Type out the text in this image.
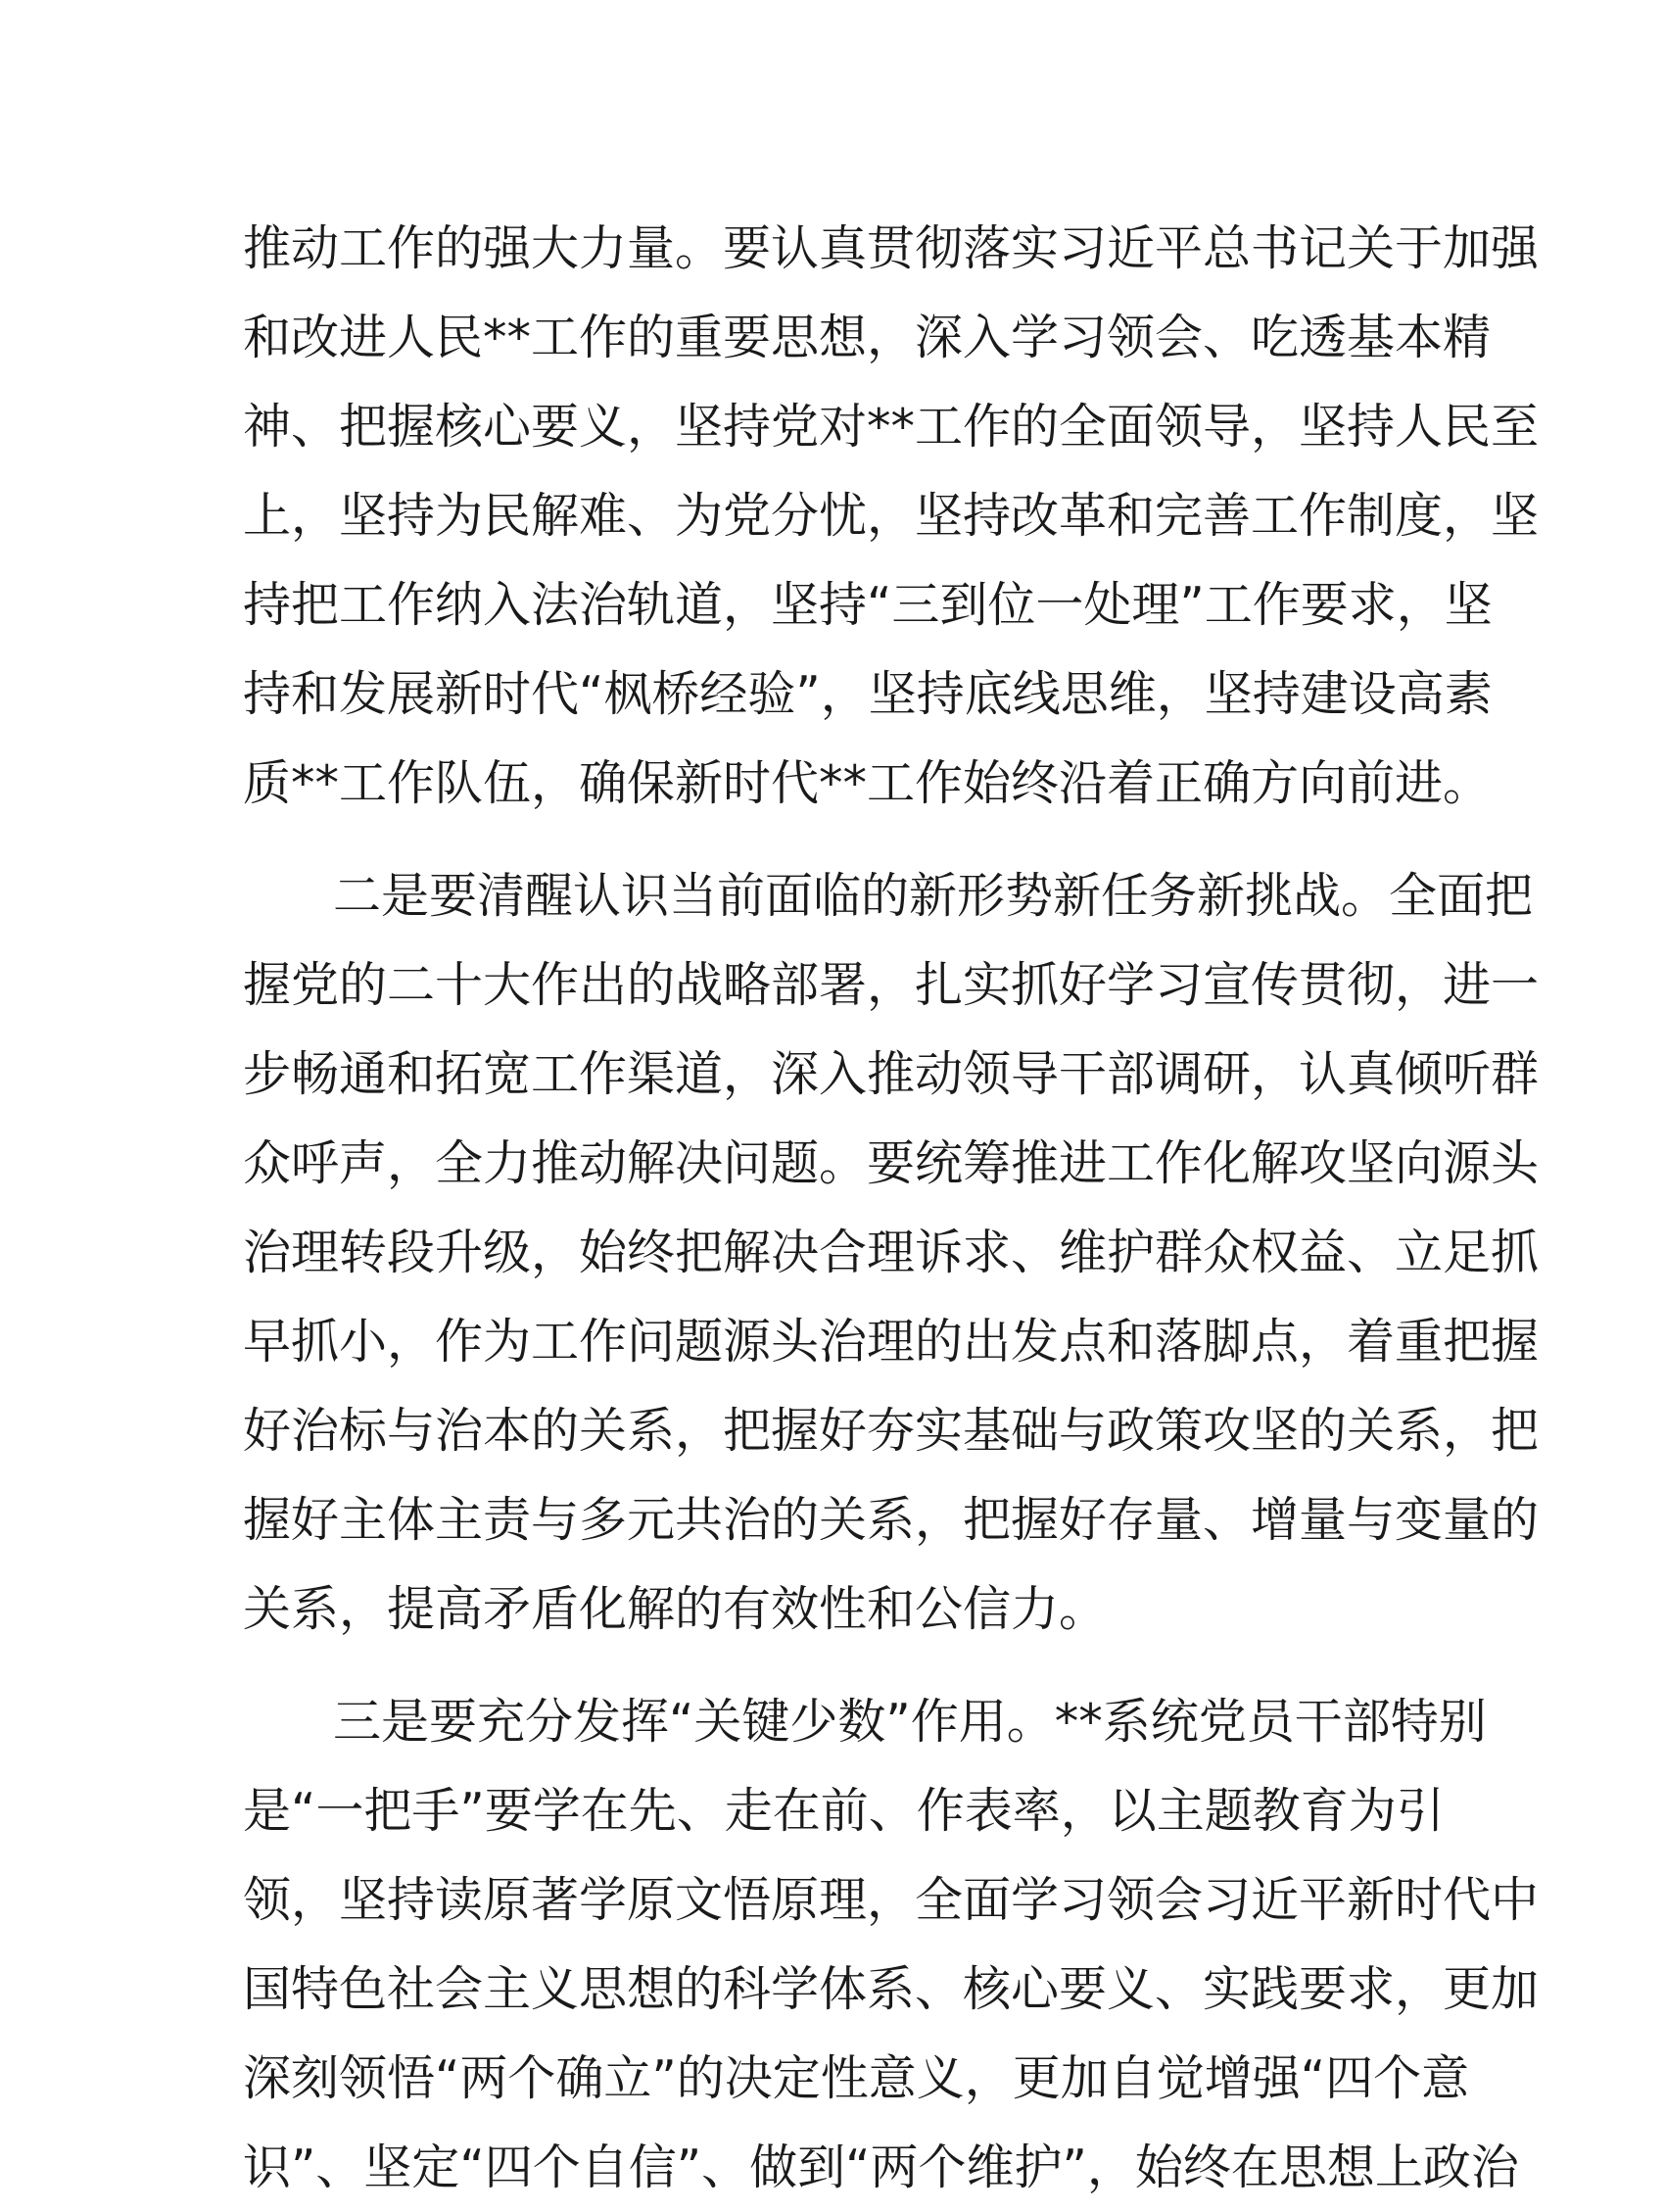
推动工作的强大力量。要认真贯彻落实习近平总书记关于加强
和改进人民**工作的重要思想，深入学习领会、吃透基本精
神、把握核心要义，坚持党对**工作的全面领导，坚持人民至
上，坚持为民解难、为党分忧，坚持改革和完善工作制度，坚
持把工作纳入法治轨道，坚持“三到位一处理”工作要求，坚
持和发展新时代“枫桥经验”，坚持底线思维，坚持建设高素
质**工作队伍，确保新时代**工作始终沿着正确方向前进。
二是要清醒认识当前面临的新形势新任务新挑战。全面把
握党的二十大作出的战略部署，扎实抓好学习宣传贯彻，进一
步畅通和拓宽工作渠道，深入推动领导干部调研，认真倾听群
众呼声，全力推动解决问题。要统筹推进工作化解攻坚向源头
治理转段升级，始终把解决合理诉求、维护群众权益、立足抓
早抓小，作为工作问题源头治理的出发点和落脚点，着重把握
好治标与治本的关系，把握好夯实基础与政策攻坚的关系，把
握好主体主责与多元共治的关系，把握好存量、增量与变量的
关系，提高矛盾化解的有效性和公信力。
三是要充分发挥“关键少数”作用。**系统党员干部特别
是“一把手”要学在先、走在前、作表率，以主题教育为引
领，坚持读原著学原文悟原理，全面学习领会习近平新时代中
国特色社会主义思想的科学体系、核心要义、实践要求，更加
深刻领悟“两个确立”的决定性意义，更加自觉增强“四个意
识”、坚定“四个自信”、做到“两个维护”，始终在思想上政治
